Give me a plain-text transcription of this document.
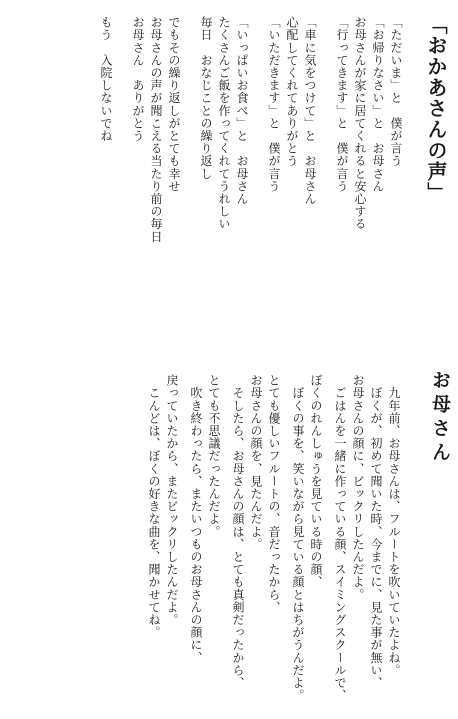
「おかあさんの声」

「ただいま」と　僕が言う

「お帰りなさい」と　お母さん

お母さんが家に居てくれると安心する

「行ってきます」と　僕が言う

「車に気をつけて」と　お母さん

心配してくれてありがとう

「いただきます」と　僕が言う

「いっぱいお食べ」と　お母さん

たくさんご飯を作ってくれてうれしい

毎日　おなじことの繰り返し

でもその繰り返しがとても幸せ

お母さんの声が聞こえる当たり前の毎日

お母さん　ありがとう

もう　入院しないでね

お母さん

　九年前、お母さんは、フルートを吹いていたよね。

　ぼくが、初めて聞いた時、今までに、見た事が無い、

お母さんの顔に、ビックリしたんだよ。

　ごはんを一緒に作っている顔、スイミングスクールで、

ぼくのれんしゅうを見ている時の顔、

　ぼくの事を、笑いながら見ている顔とはちがうんだよ。

とても優しいフルートの、音だったから、

お母さんの顔を、見たんだよ。

　そしたら、お母さんの顔は、とても真剣だったから、

とても不思議だったんだよ。

　吹き終わったら、またいつものお母さんの顔に、

戻っていたから、またビックリしたんだよ。

　こんどは、ぼくの好きな曲を、聞かせてね。
